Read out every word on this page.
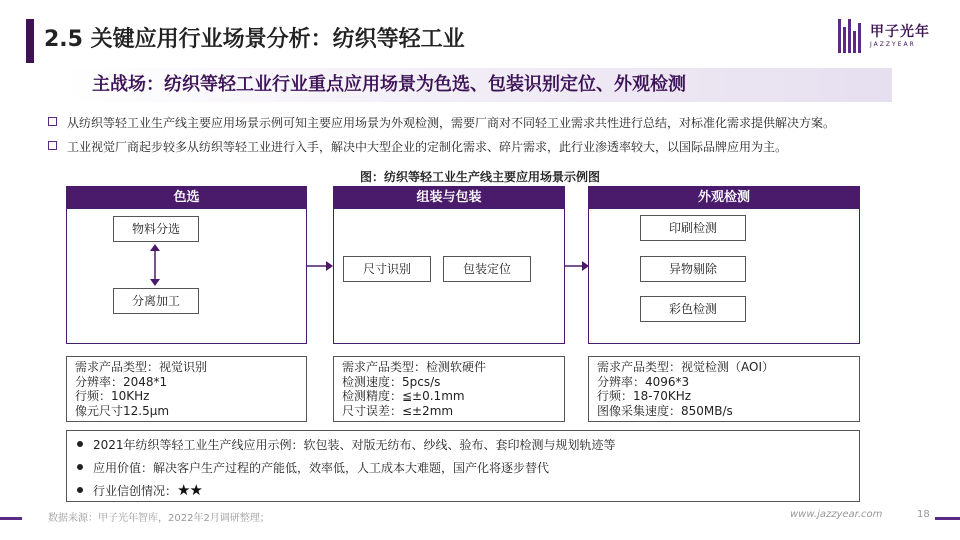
2.5 关键应用行业场景分析：纺织等轻工业	甲子光年
JAZZYEAR
主战场：纺织等轻工业行业重点应用场景为色选、包装识别定位、外观检测
从纺织等轻工业生产线主要应用场景示例可知主要应用场景为外观检测，需要厂商对不同轻工业需求共性进行总结，对标准化需求提供解决方案。
工业视觉厂商起步较多从纺织等轻工业进行入手，解决中大型企业的定制化需求、碎片需求，此行业渗透率较大，以国际品牌应用为主。
图：纺织等轻工业生产线主要应用场景示例图
色选
物料分选
分离加工
组装与包装
尺寸识别	包装定位
外观检测
印刷检测
异物剔除
彩色检测
需求产品类型：视觉识别
分辨率：2048*1
行频：10KHz
像元尺寸12.5μm
需求产品类型：检测软硬件
检测速度：5pcs/s
检测精度：≦±0.1mm
尺寸误差：≤±2mm
需求产品类型：视觉检测（AOI）
分辨率：4096*3
行频：18-70KHz
图像采集速度：850MB/s
2021年纺织等轻工业生产线应用示例：软包装、对版无纺布、纱线、验布、套印检测与规划轨迹等
应用价值：解决客户生产过程的产能低，效率低，人工成本大难题，国产化将逐步替代
行业信创情况：★★
数据来源：甲子光年智库，2022年2月调研整理；	www.jazzyear.com	18
